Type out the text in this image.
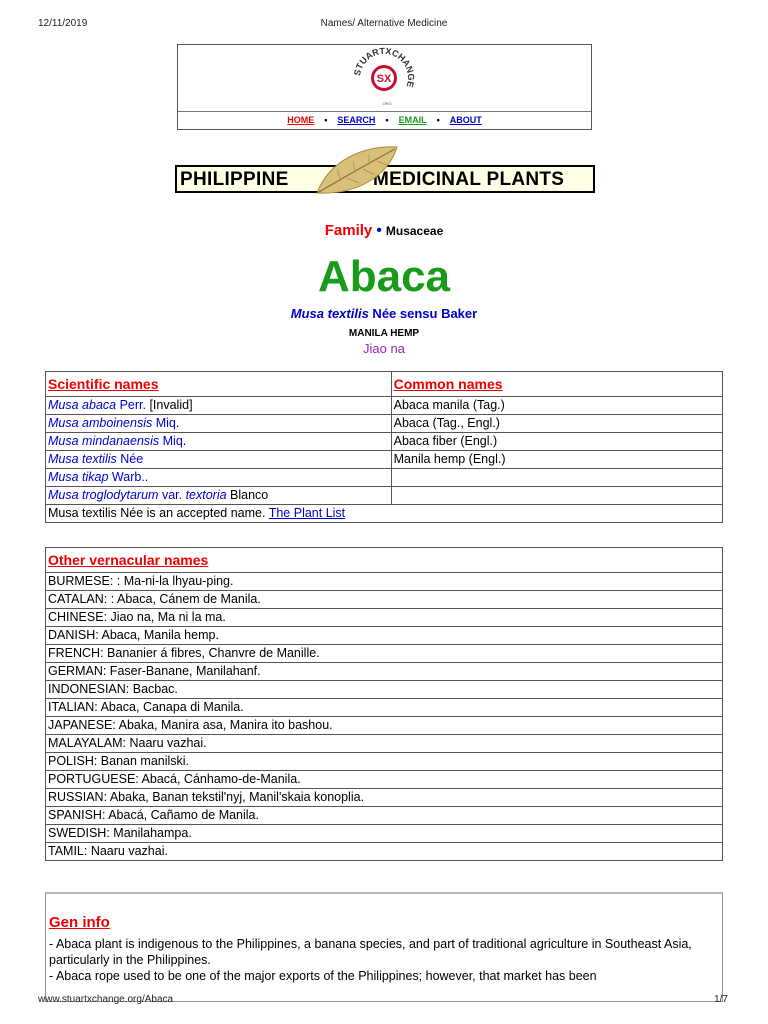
12/11/2019	Names/ Alternative Medicine
STUARTXCHANGE
SX
ORG
HOME • SEARCH • EMAIL • ABOUT
PHILIPPINE	MEDICINAL PLANTS
Family • Musaceae
Abaca
Musa textilis Née sensu Baker
MANILA HEMP
Jiao na
Scientific names	Common names
Musa abaca Perr. [Invalid]	Abaca manila (Tag.)
Musa amboinensis Miq.	Abaca (Tag., Engl.)
Musa mindanaensis Miq.	Abaca fiber (Engl.)
Musa textilis Née	Manila hemp (Engl.)
Musa tikap Warb..	
Musa troglodytarum var. textoria Blanco	
Musa textilis Née is an accepted name. The Plant List	
Other vernacular names
BURMESE: : Ma-ni-la lhyau-ping.
CATALAN: : Abaca, Cánem de Manila.
CHINESE: Jiao na, Ma ni la ma.
DANISH: Abaca, Manila hemp.
FRENCH: Bananier á fibres, Chanvre de Manille.
GERMAN: Faser-Banane, Manilahanf.
INDONESIAN: Bacbac.
ITALIAN: Abaca, Canapa di Manila.
JAPANESE: Abaka, Manira asa, Manira ito bashou.
MALAYALAM: Naaru vazhai.
POLISH: Banan manilski.
PORTUGUESE: Abacá, Cánhamo-de-Manila.
RUSSIAN: Abaka, Banan tekstil'nyj, Manil'skaia konoplia.
SPANISH: Abacá, Cañamo de Manila.
SWEDISH: Manilahampa.
TAMIL: Naaru vazhai.
Gen info

- Abaca plant is indigenous to the Philippines, a banana species, and part of traditional agriculture in Southeast Asia, particularly in the Philippines.

- Abaca rope used to be one of the major exports of the Philippines; however, that market has been

www.stuartxchange.org/Abaca	1/7
